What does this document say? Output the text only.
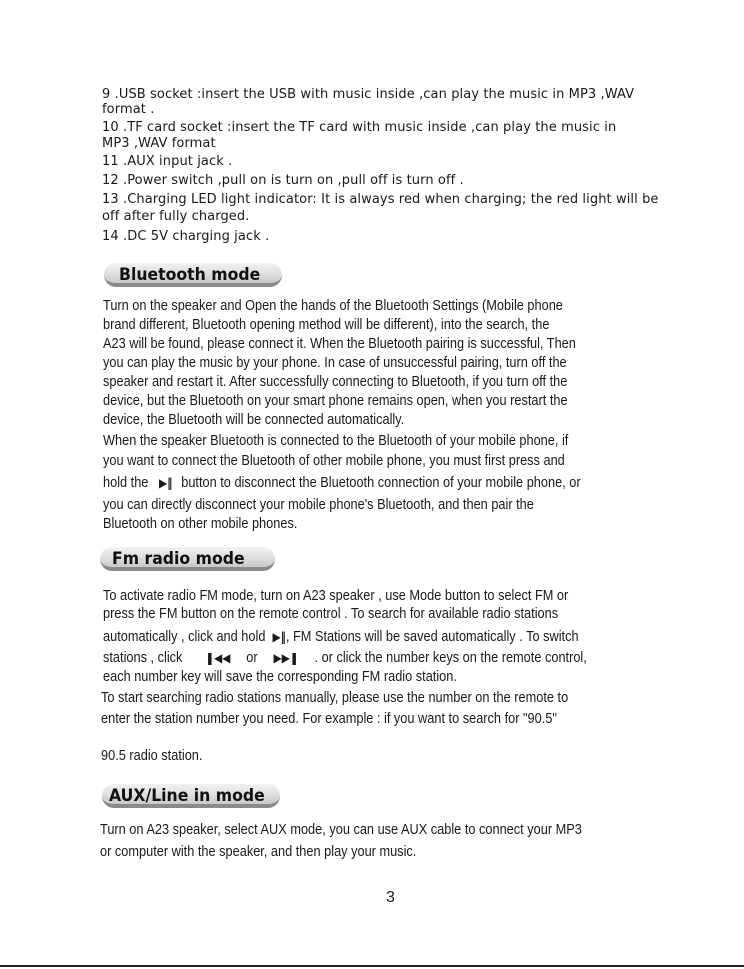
9 .USB socket :insert the USB with music inside ,can play the music in MP3 ,WAV
format .
10 .TF card socket :insert the TF card with music inside ,can play the music in
MP3 ,WAV format
11 .AUX input jack .
12 .Power switch ,pull on is turn on ,pull off is turn off .
13 .Charging LED light indicator: It is always red when charging; the red light will be
off after fully charged.
14 .DC 5V charging jack .
Bluetooth mode
Turn on the speaker and Open the hands of the Bluetooth Settings (Mobile phone
brand different, Bluetooth opening method will be different), into the search, the
A23 will be found, please connect it. When the Bluetooth pairing is successful, Then
you can play the music by your phone. In case of unsuccessful pairing, turn off the
speaker and restart it. After successfully connecting to Bluetooth, if you turn off the
device, but the Bluetooth on your smart phone remains open, when you restart the
device, the Bluetooth will be connected automatically.
When the speaker Bluetooth is connected to the Bluetooth of your mobile phone, if
you want to connect the Bluetooth of other mobile phone, you must first press and
hold the ▶‖ button to disconnect the Bluetooth connection of your mobile phone, or
you can directly disconnect your mobile phone's Bluetooth, and then pair the
Bluetooth on other mobile phones.
Fm radio mode
To activate radio FM mode, turn on A23 speaker , use Mode button to select FM or
press the FM button on the remote control . To search for available radio stations
automatically , click and hold ▶‖, FM Stations will be saved automatically . To switch
stations , click ❚◀◀ or ▶▶❚ . or click the number keys on the remote control,
each number key will save the corresponding FM radio station.
To start searching radio stations manually, please use the number on the remote to
enter the station number you need. For example : if you want to search for "90.5"
90.5 radio station.
AUX/Line in mode
Turn on A23 speaker, select AUX mode, you can use AUX cable to connect your MP3
or computer with the speaker, and then play your music.
3
